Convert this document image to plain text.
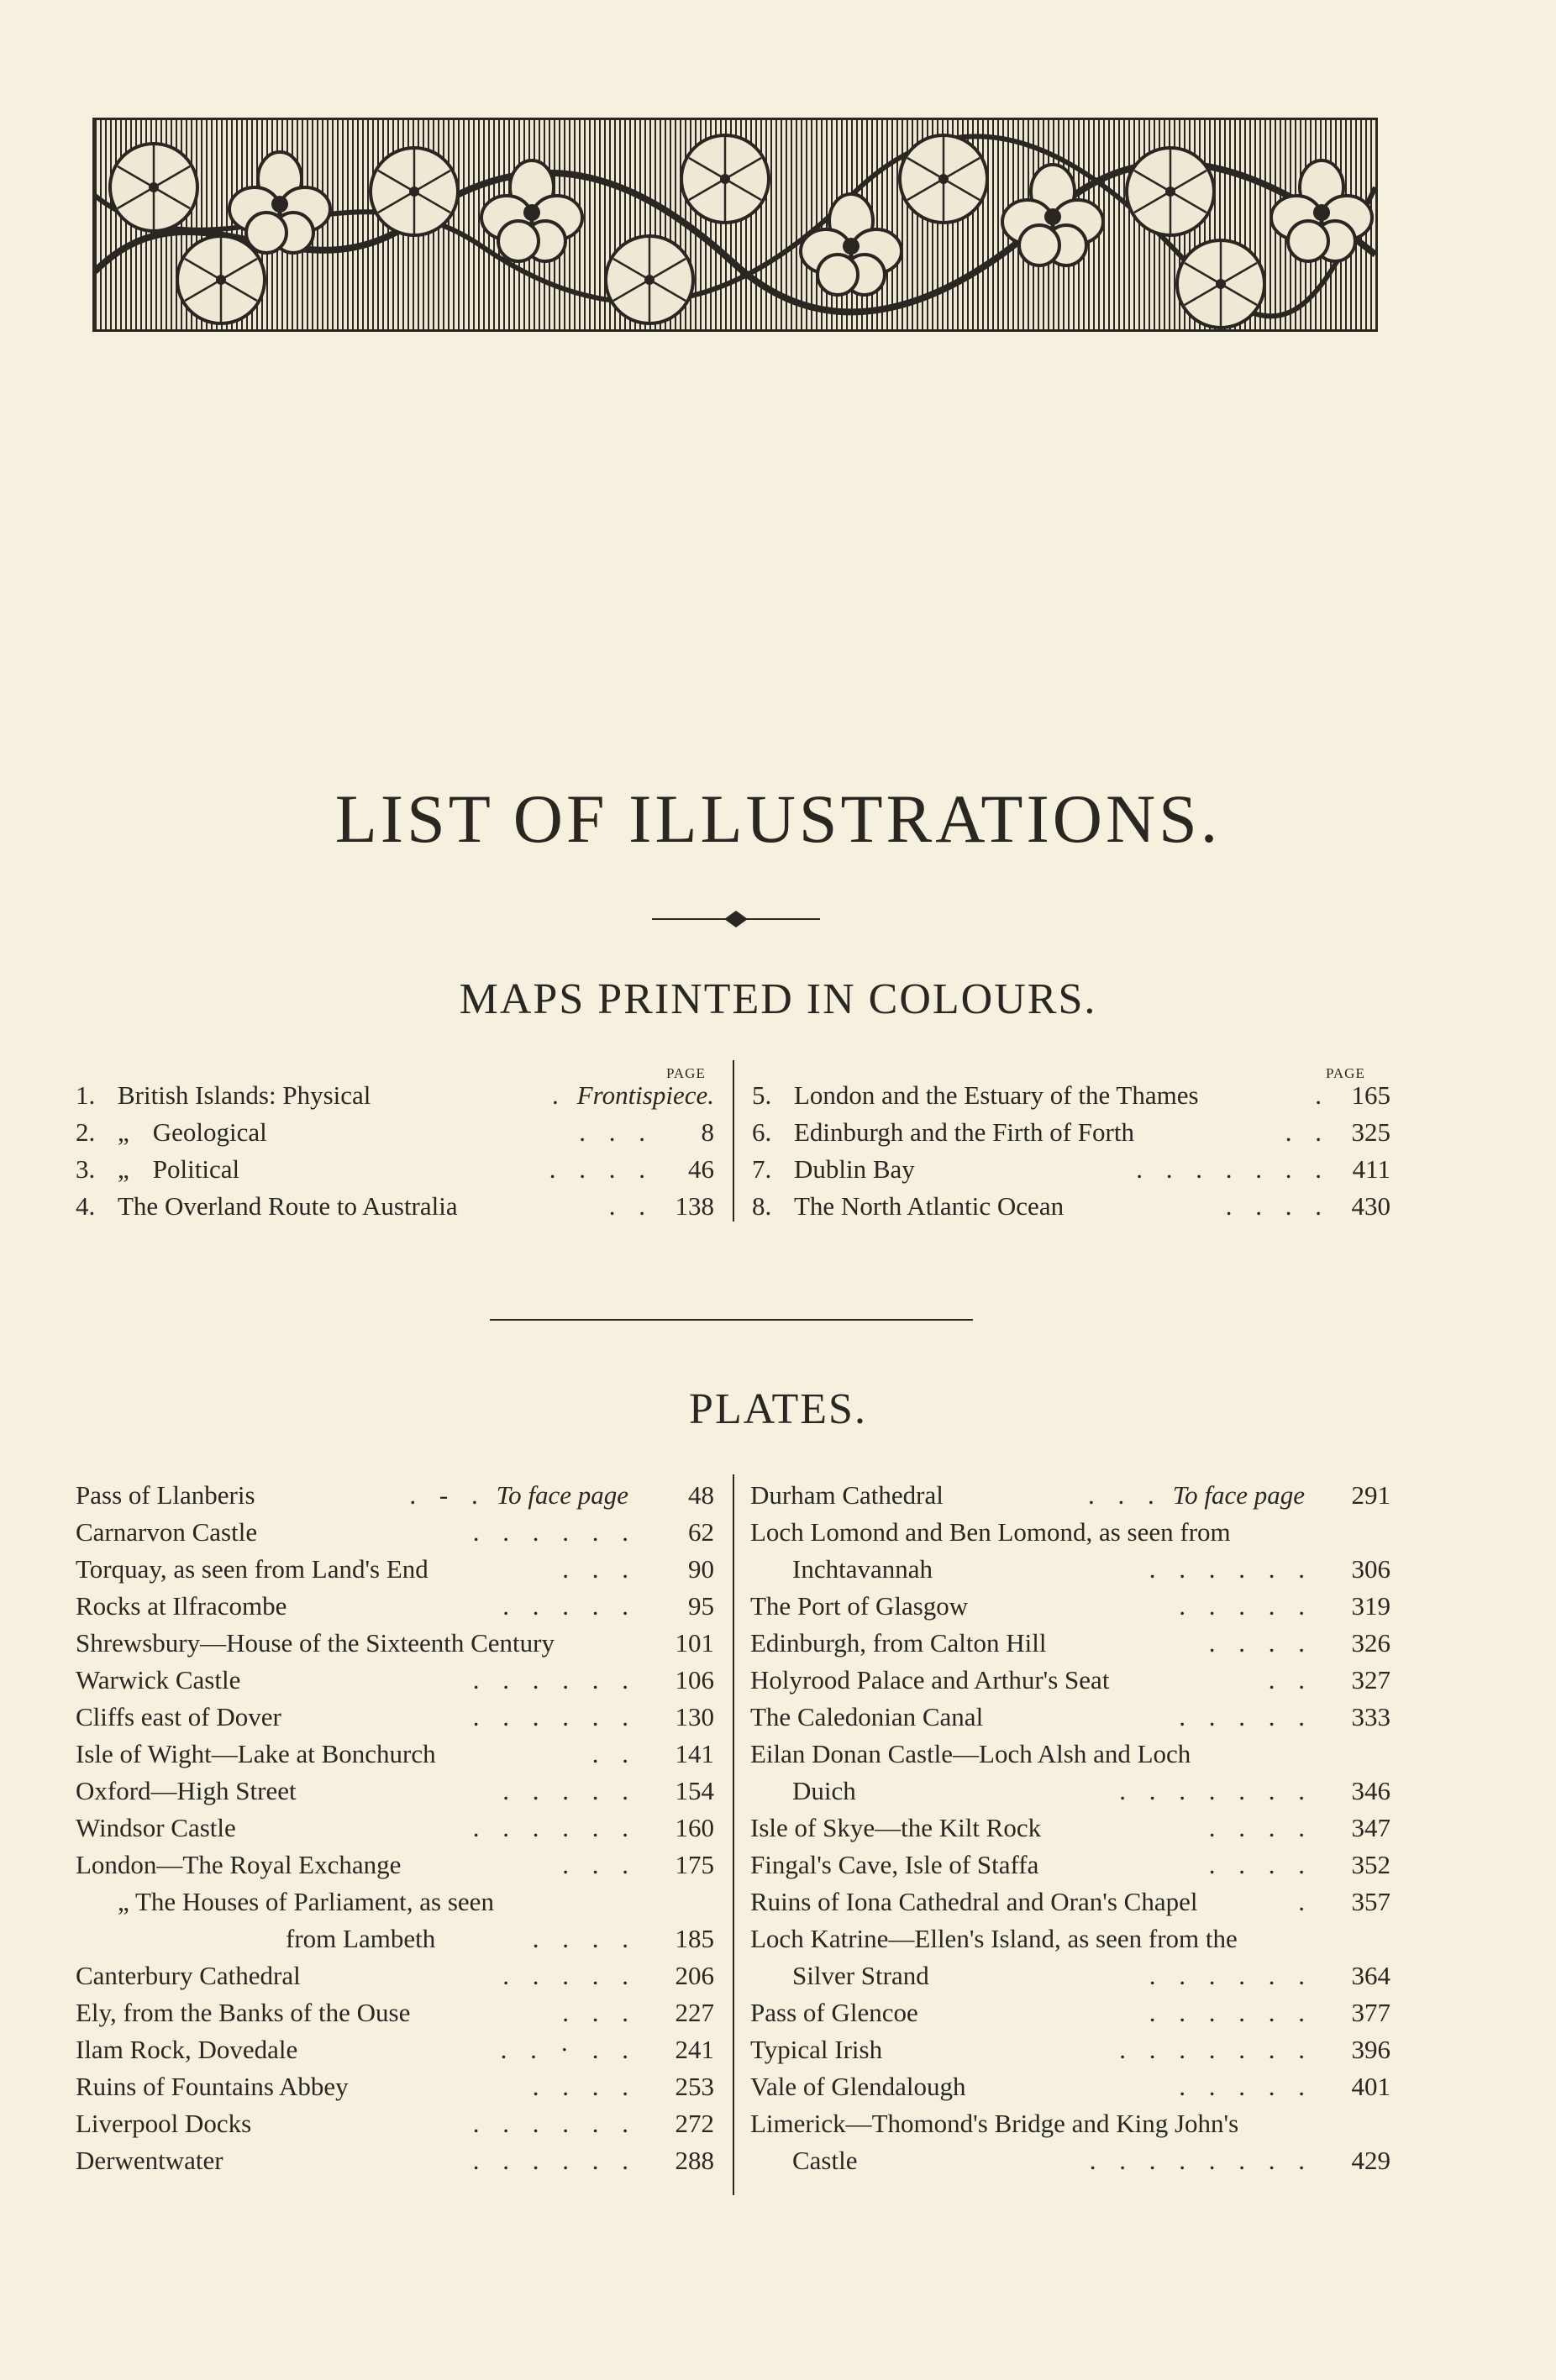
LIST OF ILLUSTRATIONS.
MAPS PRINTED IN COLOURS.
PAGE	PAGE
1. British Islands: Physical	. Frontispiece.
2. „ Geological	. . .	8
3. „ Political	. . . .	46
4. The Overland Route to Australia	. . 138
5. London and the Estuary of the Thames	. 165
6. Edinburgh and the Firth of Forth	. . 325
7. Dublin Bay	. . . . . . . 411
8. The North Atlantic Ocean	. . . . 430
PLATES.
Pass of Llanberis	. - . To face page	48
Carnarvon Castle	. . . . . .	62
Torquay, as seen from Land's End	. . .	90
Rocks at Ilfracombe	. . . . .	95
Shrewsbury—House of the Sixteenth Century	101
Warwick Castle	. . . . . .	106
Cliffs east of Dover	. . . . . .	130
Isle of Wight—Lake at Bonchurch	. .	141
Oxford—High Street	. . . . .	154
Windsor Castle	. . . . . .	160
London—The Royal Exchange	. . .	175
„ The Houses of Parliament, as seen
from Lambeth	. . . .	185
Canterbury Cathedral	. . . . .	206
Ely, from the Banks of the Ouse	. . .	227
Ilam Rock, Dovedale	. . · . .	241
Ruins of Fountains Abbey	. . . .	253
Liverpool Docks	. . . . . .	272
Derwentwater	. . . . . .	288
Durham Cathedral	. . . To face page	291
Loch Lomond and Ben Lomond, as seen from
Inchtavannah	. . . . . .	306
The Port of Glasgow	. . . . .	319
Edinburgh, from Calton Hill	. . . .	326
Holyrood Palace and Arthur's Seat	. .	327
The Caledonian Canal	. . . . .	333
Eilan Donan Castle—Loch Alsh and Loch
Duich	. . . . . . .	346
Isle of Skye—the Kilt Rock	. . . .	347
Fingal's Cave, Isle of Staffa	. . . .	352
Ruins of Iona Cathedral and Oran's Chapel	.	357
Loch Katrine—Ellen's Island, as seen from the
Silver Strand	. . . . . .	364
Pass of Glencoe	. . . . . .	377
Typical Irish	. . . . . . .	396
Vale of Glendalough	. . . . .	401
Limerick—Thomond's Bridge and King John's
Castle	. . . . . . . .	429
